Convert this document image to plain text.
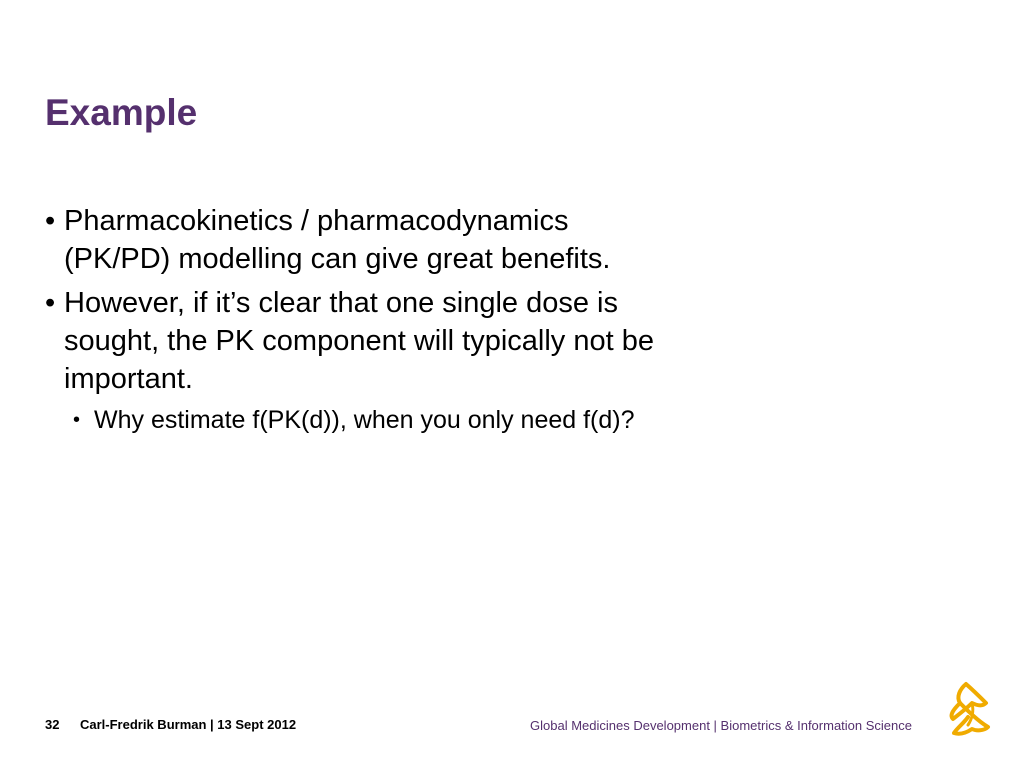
Example
• Pharmacokinetics / pharmacodynamics
(PK/PD) modelling can give great benefits.
• However, if it’s clear that one single dose is
sought, the PK component will typically not be
important.
• Why estimate f(PK(d)), when you only need f(d)?
32 Carl-Fredrik Burman | 13 Sept 2012	Global Medicines Development | Biometrics & Information Science
